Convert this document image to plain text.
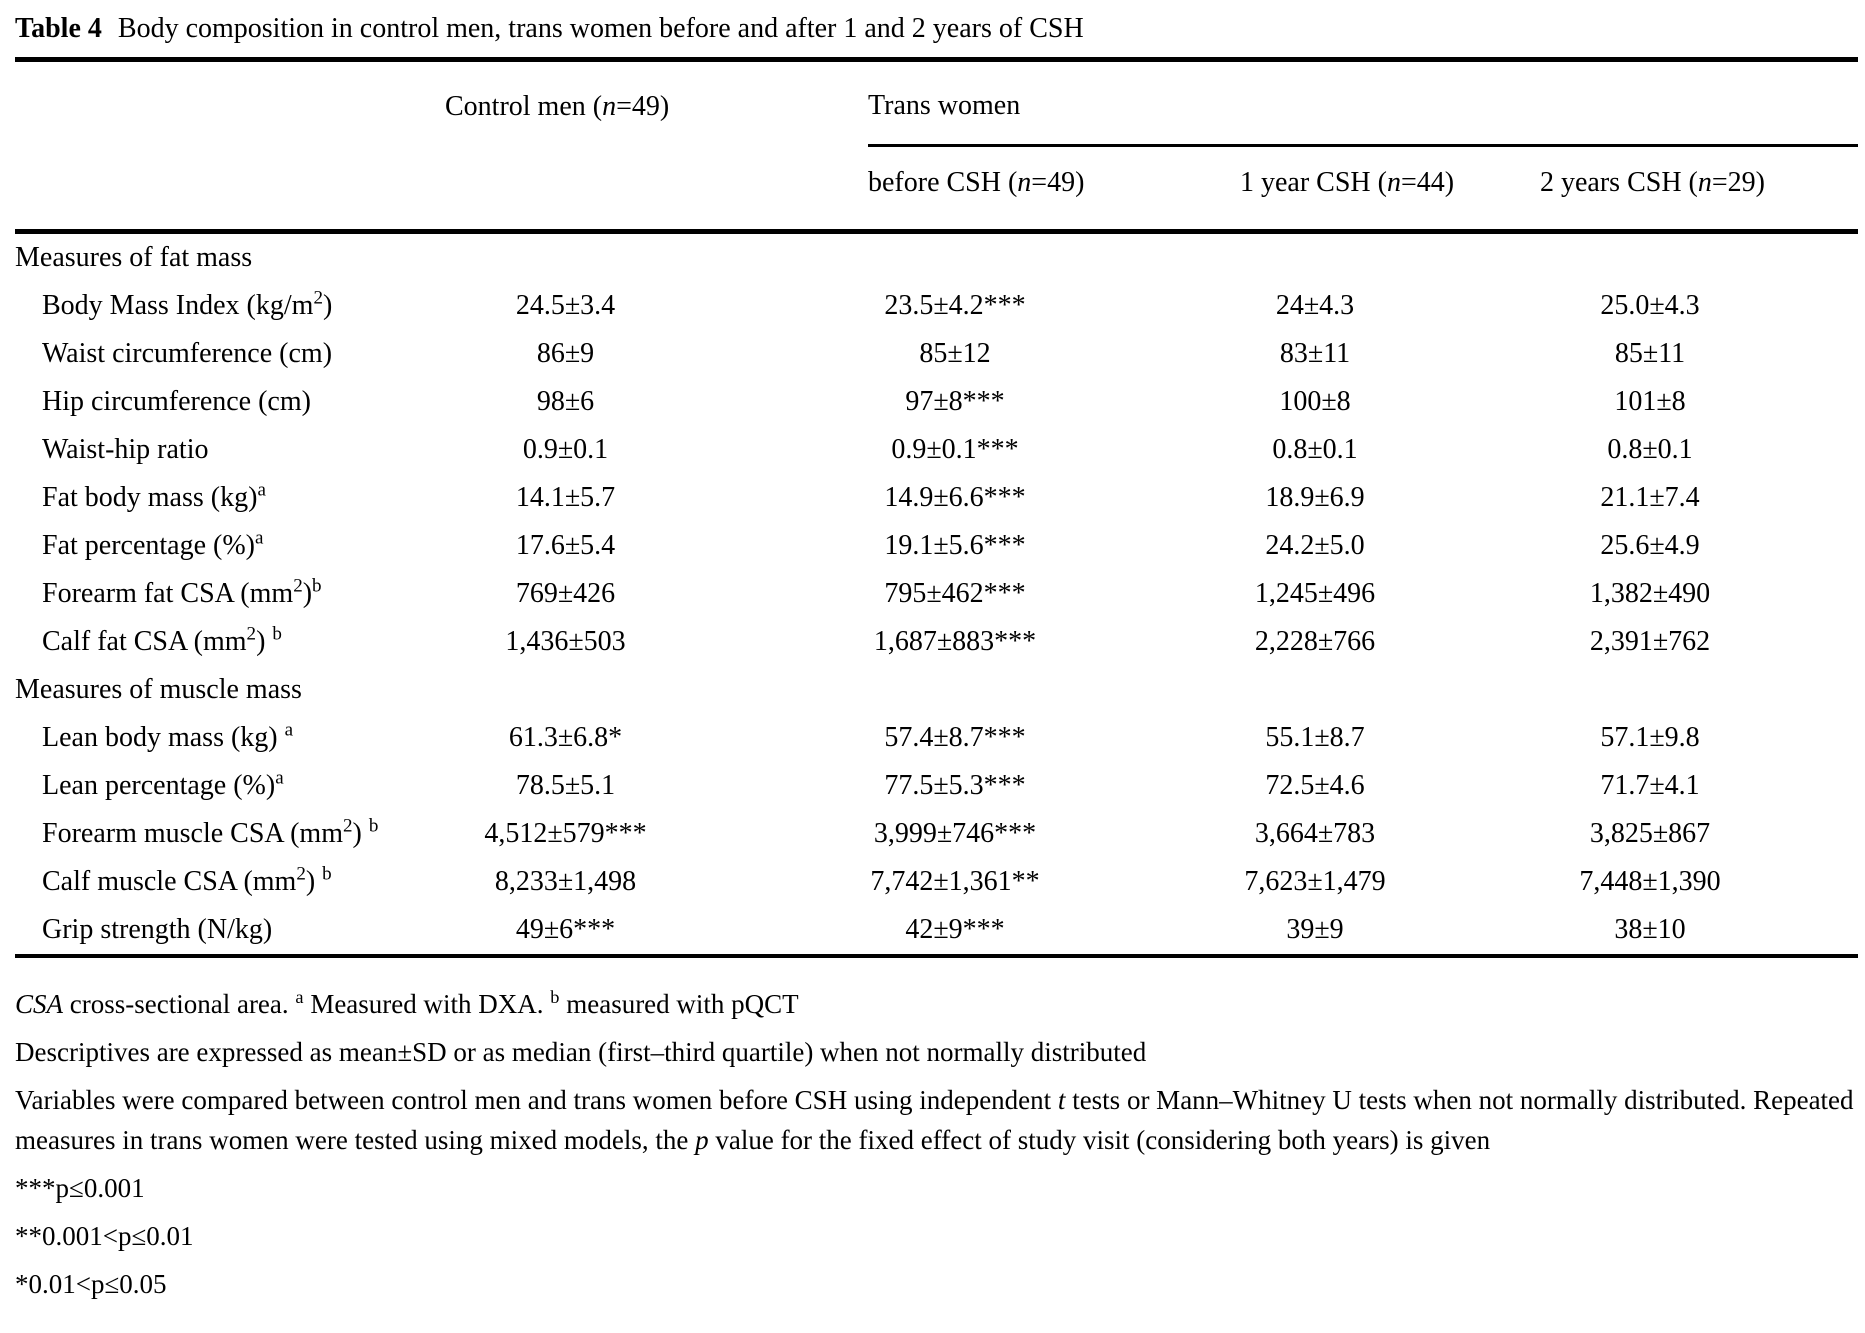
Table 4 Body composition in control men, trans women before and after 1 and 2 years of CSH
	Control men (n=49)	Trans women		
		before CSH (n=49)	1 year CSH (n=44)	2 years CSH (n=29)
Measures of fat mass				
Body Mass Index $(kg/m^2)$	24.5±3.4	23.5±4.2***	24±4.3	25.0±4.3
Waist circumference (cm)	86±9	85±12	83±11	85±11
Hip circumference (cm)	98±6	97±8***	100±8	101±8
Waist-hip ratio	0.9±0.1	0.9±0.1***	0.8±0.1	0.8±0.1
Fat body mass (kg)$^a$	14.1±5.7	14.9±6.6***	18.9±6.9	21.1±7.4
Fat percentage (%)$^a$	17.6±5.4	19.1±5.6***	24.2±5.0	25.6±4.9
Forearm fat CSA $(mm^2)^b$	769±426	795±462***	1,245±496	1,382±490
Calf fat CSA $(mm^2)$ $^b$	1,436±503	1,687±883***	2,228±766	2,391±762
Measures of muscle mass				
Lean body mass (kg) $^a$	61.3±6.8*	57.4±8.7***	55.1±8.7	57.1±9.8
Lean percentage (%)$^a$	78.5±5.1	77.5±5.3***	72.5±4.6	71.7±4.1
Forearm muscle CSA $(mm^2)$ $^b$	4,512±579***	3,999±746***	3,664±783	3,825±867
Calf muscle CSA $(mm^2)$ $^b$	8,233±1,498	7,742±1,361**	7,623±1,479	7,448±1,390
Grip strength (N/kg)	49±6***	42±9***	39±9	38±10
CSA cross-sectional area. $^a$ Measured with DXA. $^b$ measured with pQCT
Descriptives are expressed as mean±SD or as median (first–third quartile) when not normally distributed
Variables were compared between control men and trans women before CSH using independent t tests or Mann–Whitney U tests when not normally distributed. Repeated measures in trans women were tested using mixed models, the p value for the fixed effect of study visit (considering both years) is given
***p≤0.001
**0.001<p≤0.01
*0.01<p≤0.05
